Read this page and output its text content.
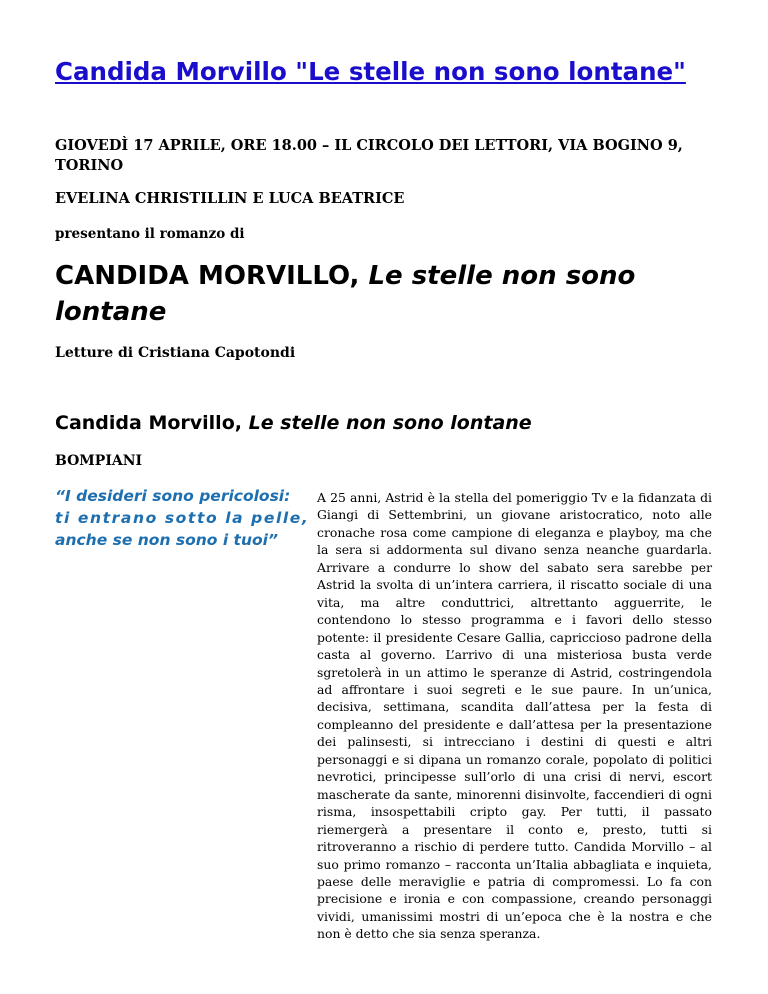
Candida Morvillo "Le stelle non sono lontane"
GIOVEDÌ 17 APRILE, ORE 18.00 – IL CIRCOLO DEI LETTORI, VIA BOGINO 9, TORINO
EVELINA CHRISTILLIN E LUCA BEATRICE
presentano il romanzo di
CANDIDA MORVILLO, Le stelle non sono lontane
Letture di Cristiana Capotondi
Candida Morvillo, Le stelle non sono lontane
BOMPIANI
“I desideri sono pericolosi:
ti entrano sotto la pelle,
anche se non sono i tuoi”

A 25 anni, Astrid è la stella del pomeriggio Tv e la fidanzata di Giangi di Settembrini, un giovane aristocratico, noto alle cronache rosa come campione di eleganza e playboy, ma che la sera si addormenta sul divano senza neanche guardarla. Arrivare a condurre lo show del sabato sera sarebbe per Astrid la svolta di un’intera carriera, il riscatto sociale di una vita, ma altre conduttrici, altrettanto agguerrite, le contendono lo stesso programma e i favori dello stesso potente: il presidente Cesare Gallia, capriccioso padrone della casta al governo. L’arrivo di una misteriosa busta verde sgretolerà in un attimo le speranze di Astrid, costringendola ad affrontare i suoi segreti e le sue paure. In un’unica, decisiva, settimana, scandita dall’attesa per la festa di compleanno del presidente e dall’attesa per la presentazione dei palinsesti, si intrecciano i destini di questi e altri personaggi e si dipana un romanzo corale, popolato di politici nevrotici, principesse sull’orlo di una crisi di nervi, escort mascherate da sante, minorenni disinvolte, faccendieri di ogni risma, insospettabili cripto gay. Per tutti, il passato riemergerà a presentare il conto e, presto, tutti si ritroveranno a rischio di perdere tutto. Candida Morvillo – al suo primo romanzo – racconta un’Italia abbagliata e inquieta, paese delle meraviglie e patria di compromessi. Lo fa con precisione e ironia e con compassione, creando personaggi vividi, umanissimi mostri di un’epoca che è la nostra e che non è detto che sia senza speranza.
